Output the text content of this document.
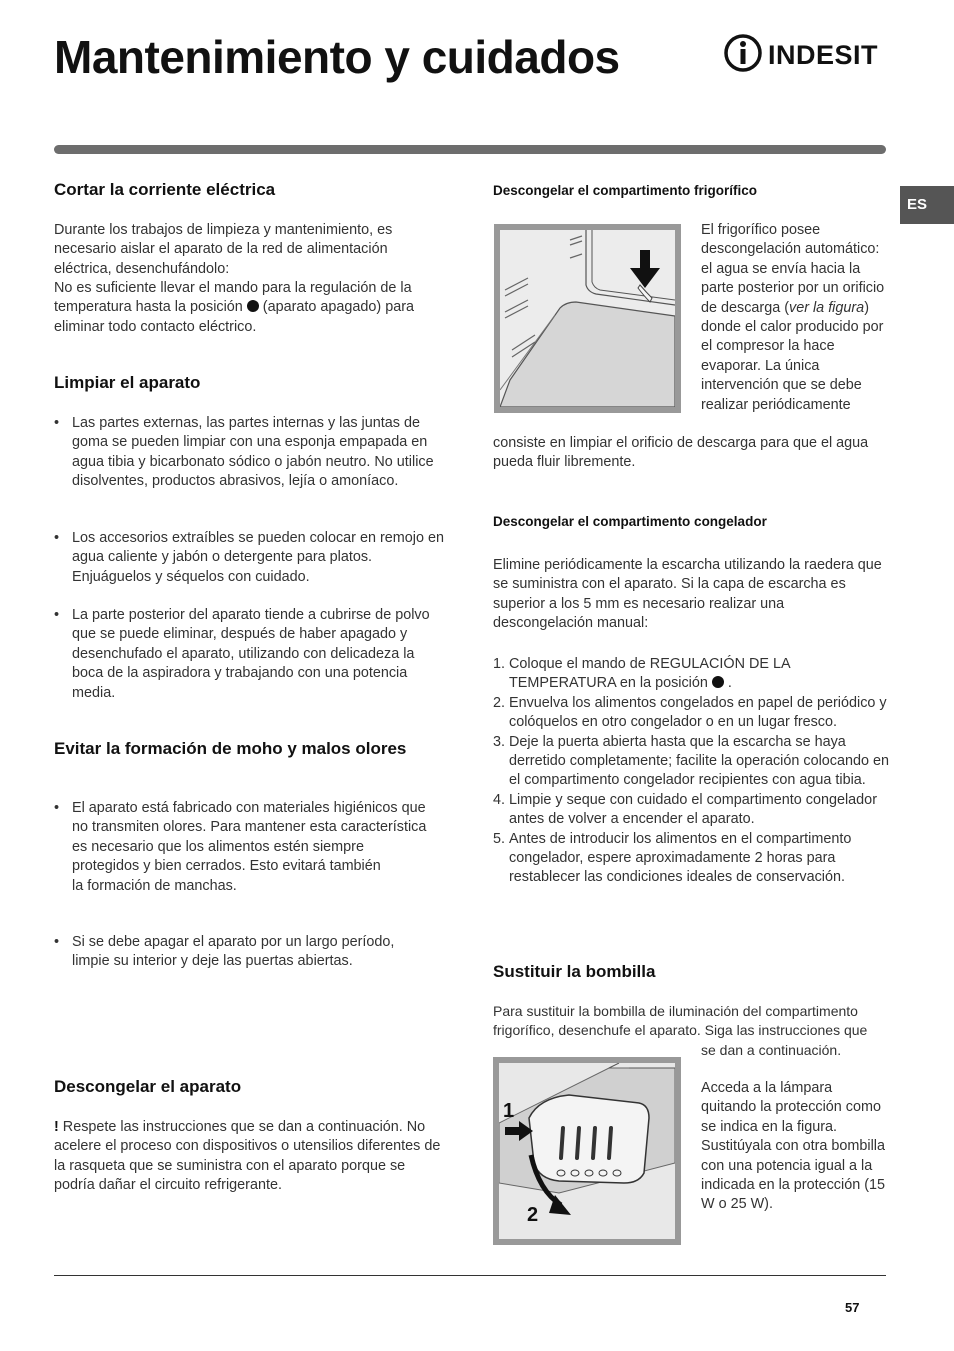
Mantenimiento y cuidados	INDESIT
ES
Cortar la corriente eléctrica

Durante los trabajos de limpieza y mantenimiento, es necesario aislar el aparato de la red de alimentación eléctrica, desenchufándolo:

No es suficiente llevar el mando para la regulación de la temperatura hasta la posición (aparato apagado) para eliminar todo contacto eléctrico.

Limpiar el aparato
• Las partes externas, las partes internas y las juntas de goma se pueden limpiar con una esponja empapada en agua tibia y bicarbonato sódico o jabón neutro. No utilice disolventes, productos abrasivos, lejía o amoníaco.
• Los accesorios extraíbles se pueden colocar en remojo en agua caliente y jabón o detergente para platos. Enjuáguelos y séquelos con cuidado.
• La parte posterior del aparato tiende a cubrirse de polvo que se puede eliminar, después de haber apagado y desenchufado el aparato, utilizando con delicadeza la boca de la aspiradora y trabajando con una potencia media.
Evitar la formación de moho y malos olores
• El aparato está fabricado con materiales higiénicos que no transmiten olores. Para mantener esta característica es necesario que los alimentos estén siempre protegidos y bien cerrados. Esto evitará también
la formación de manchas.
• Si se debe apagar el aparato por un largo período, limpie su interior y deje las puertas abiertas.
Descongelar el aparato

! Respete las instrucciones que se dan a continuación. No acelere el proceso con dispositivos o utensilios diferentes de la rasqueta que se suministra con el aparato porque se podría dañar el circuito refrigerante.

Descongelar el compartimento frigorífico

El frigorífico posee descongelación automático: el agua se envía hacia la parte posterior por un orificio de descarga (ver la figura) donde el calor producido por el compresor la hace evaporar. La única intervención que se debe realizar periódicamente

consiste en limpiar el orificio de descarga para que el agua pueda fluir libremente.

Descongelar el compartimento congelador

Elimine periódicamente la escarcha utilizando la raedera que se suministra con el aparato. Si la capa de escarcha es superior a los 5 mm es necesario realizar una descongelación manual:

1. Coloque el mando de REGULACIÓN DE LA TEMPERATURA en la posición .
2. Envuelva los alimentos congelados en papel de periódico y colóquelos en otro congelador o en un lugar fresco.
3. Deje la puerta abierta hasta que la escarcha se haya derretido completamente; facilite la operación colocando en el compartimento congelador recipientes con agua tibia.
4. Limpie y seque con cuidado el compartimento congelador antes de volver a encender el aparato.
5. Antes de introducir los alimentos en el compartimento congelador, espere aproximadamente 2 horas para restablecer las condiciones ideales de conservación.
Sustituir la bombilla

Para sustituir la bombilla de iluminación del compartimento frigorífico, desenchufe el aparato. Siga las instrucciones que

se dan a continuación.

1
2

Acceda a la lámpara quitando la protección como se indica en la figura. Sustitúyala con otra bombilla con una potencia igual a la indicada en la protección (15 W o 25 W).

57
